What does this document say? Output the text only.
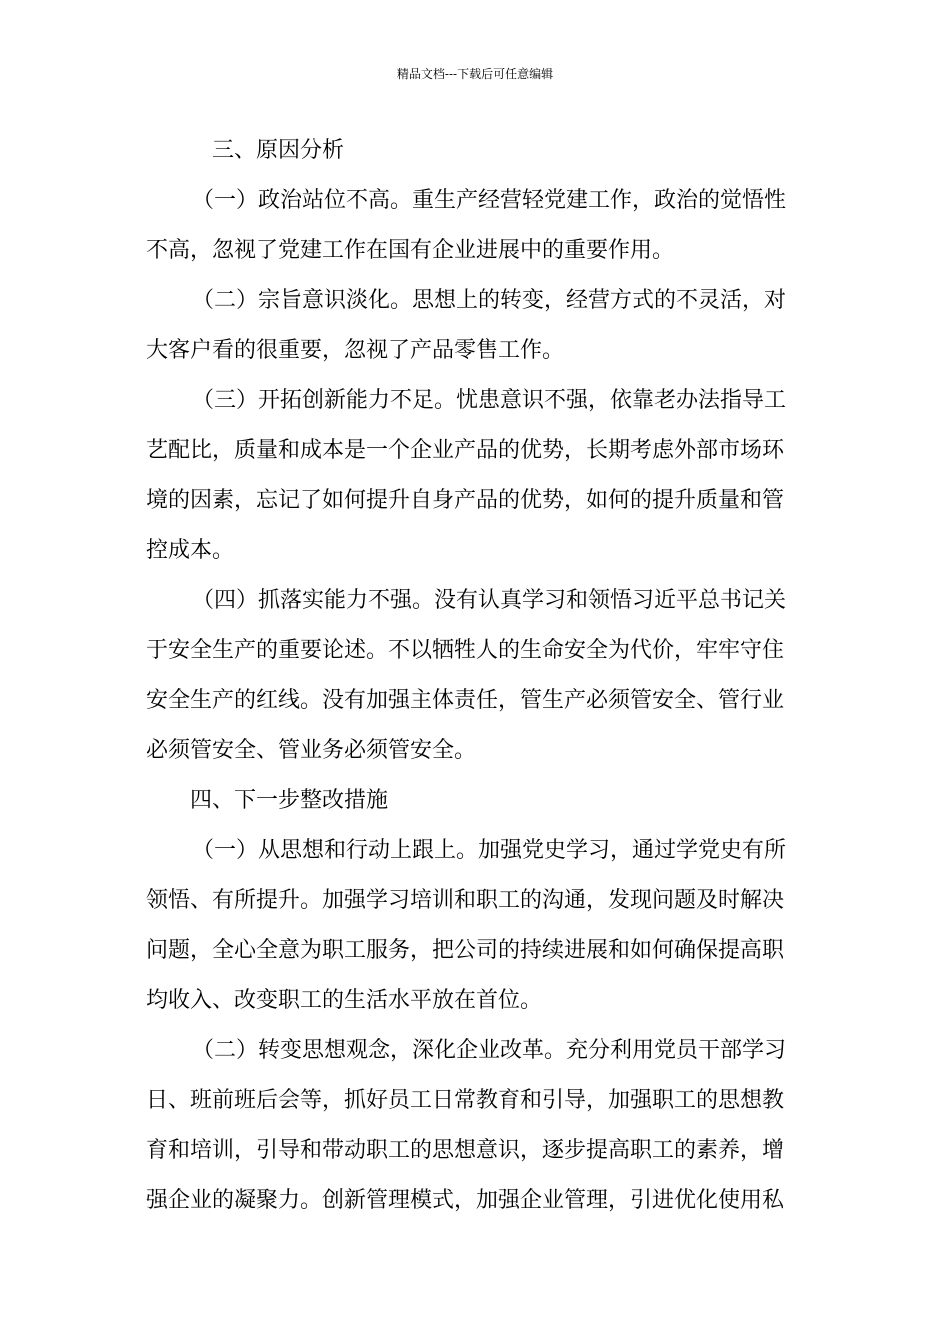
精品文档---下载后可任意编辑
三、原因分析
（一）政治站位不高。重生产经营轻党建工作，政治的觉悟性
不高，忽视了党建工作在国有企业进展中的重要作用。
（二）宗旨意识淡化。思想上的转变，经营方式的不灵活，对
大客户看的很重要，忽视了产品零售工作。
（三）开拓创新能力不足。忧患意识不强，依靠老办法指导工
艺配比，质量和成本是一个企业产品的优势，长期考虑外部市场环
境的因素，忘记了如何提升自身产品的优势，如何的提升质量和管
控成本。
（四）抓落实能力不强。没有认真学习和领悟习近平总书记关
于安全生产的重要论述。不以牺牲人的生命安全为代价，牢牢守住
安全生产的红线。没有加强主体责任，管生产必须管安全、管行业
必须管安全、管业务必须管安全。
四、下一步整改措施
（一）从思想和行动上跟上。加强党史学习，通过学党史有所
领悟、有所提升。加强学习培训和职工的沟通，发现问题及时解决
问题，全心全意为职工服务，把公司的持续进展和如何确保提高职
均收入、改变职工的生活水平放在首位。
（二）转变思想观念，深化企业改革。充分利用党员干部学习
日、班前班后会等，抓好员工日常教育和引导，加强职工的思想教
育和培训，引导和带动职工的思想意识，逐步提高职工的素养，增
强企业的凝聚力。创新管理模式，加强企业管理，引进优化使用私
